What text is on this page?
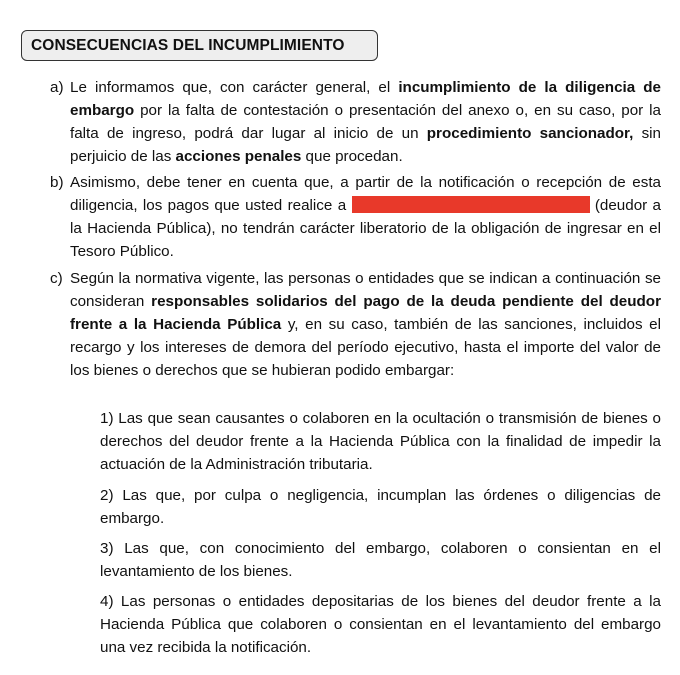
CONSECUENCIAS DEL INCUMPLIMIENTO
a) Le informamos que, con carácter general, el incumplimiento de la diligencia de embargo por la falta de contestación o presentación del anexo o, en su caso, por la falta de ingreso, podrá dar lugar al inicio de un procedimiento sancionador, sin perjuicio de las acciones penales que procedan.
b) Asimismo, debe tener en cuenta que, a partir de la notificación o recepción de esta diligencia, los pagos que usted realice a	(deudor a la Hacienda Pública), no tendrán carácter liberatorio de la obligación de ingresar en el Tesoro Público.
c) Según la normativa vigente, las personas o entidades que se indican a continuación se consideran responsables solidarios del pago de la deuda pendiente del deudor frente a la Hacienda Pública y, en su caso, también de las sanciones, incluidos el recargo y los intereses de demora del período ejecutivo, hasta el importe del valor de los bienes o derechos que se hubieran podido embargar:
1) Las que sean causantes o colaboren en la ocultación o transmisión de bienes o derechos del deudor frente a la Hacienda Pública con la finalidad de impedir la actuación de la Administración tributaria.
2) Las que, por culpa o negligencia, incumplan las órdenes o diligencias de embargo.
3) Las que, con conocimiento del embargo, colaboren o consientan en el levantamiento de los bienes.
4) Las personas o entidades depositarias de los bienes del deudor frente a la Hacienda Pública que colaboren o consientan en el levantamiento del embargo una vez recibida la notificación.
